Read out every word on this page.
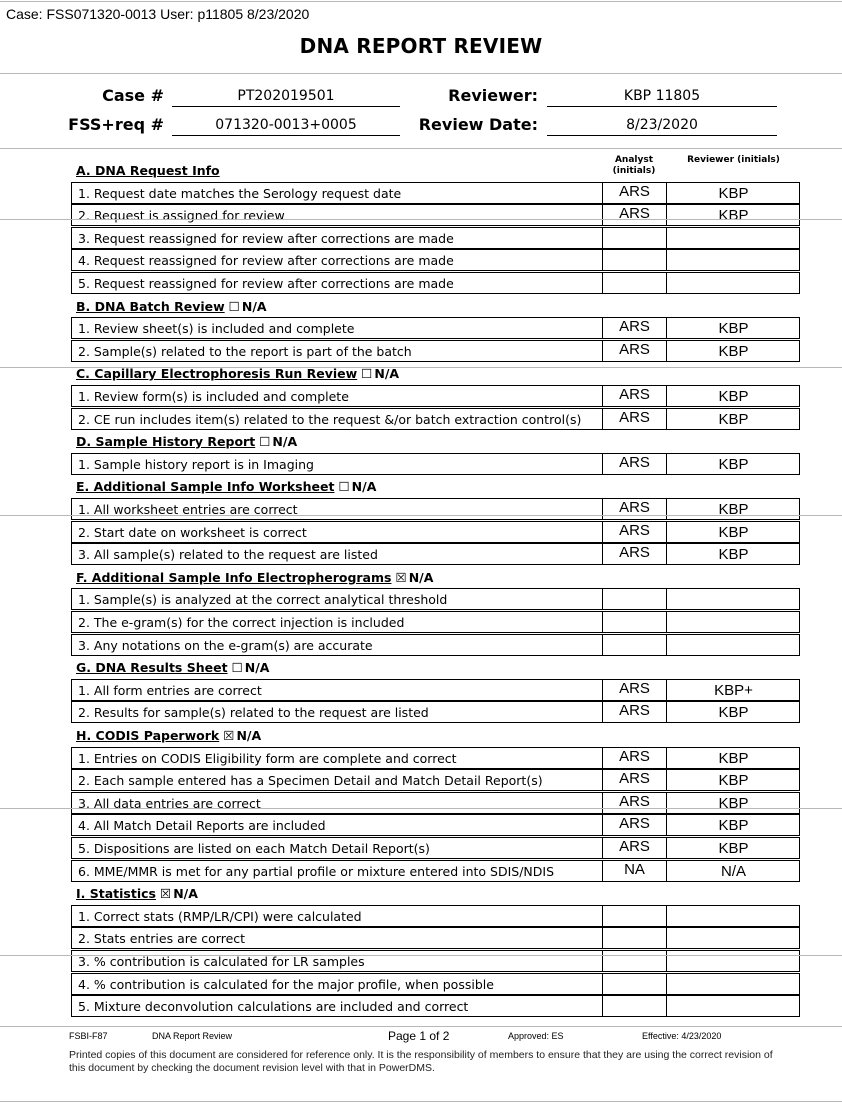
Case: FSS071320-0013 User: p11805 8/23/2020
DNA REPORT REVIEW
Case #	PT202019501	Reviewer:	KBP 11805
FSS+req #	071320-0013+0005	Review Date:	8/23/2020
Analyst (initials)
Reviewer (initials)
A. DNA Request Info
1. Request date matches the Serology request date	ARS	KBP
2. Request is assigned for review	ARS	KBP
3. Request reassigned for review after corrections are made
4. Request reassigned for review after corrections are made
5. Request reassigned for review after corrections are made
B. DNA Batch Review ☐ N/A
1. Review sheet(s) is included and complete	ARS	KBP
2. Sample(s) related to the report is part of the batch	ARS	KBP
C. Capillary Electrophoresis Run Review ☐ N/A
1. Review form(s) is included and complete	ARS	KBP
2. CE run includes item(s) related to the request &/or batch extraction control(s)	ARS	KBP
D. Sample History Report ☐ N/A
1. Sample history report is in Imaging	ARS	KBP
E. Additional Sample Info Worksheet ☐ N/A
1. All worksheet entries are correct	ARS	KBP
2. Start date on worksheet is correct	ARS	KBP
3. All sample(s) related to the request are listed	ARS	KBP
F. Additional Sample Info Electropherograms ☒ N/A
1. Sample(s) is analyzed at the correct analytical threshold
2. The e-gram(s) for the correct injection is included
3. Any notations on the e-gram(s) are accurate
G. DNA Results Sheet ☐ N/A
1. All form entries are correct	ARS	KBP+
2. Results for sample(s) related to the request are listed	ARS	KBP
H. CODIS Paperwork ☒ N/A
1. Entries on CODIS Eligibility form are complete and correct	ARS	KBP
2. Each sample entered has a Specimen Detail and Match Detail Report(s)	ARS	KBP
3. All data entries are correct	ARS	KBP
4. All Match Detail Reports are included	ARS	KBP
5. Dispositions are listed on each Match Detail Report(s)	ARS	KBP
6. MME/MMR is met for any partial profile or mixture entered into SDIS/NDIS	NA	N/A
I. Statistics ☒ N/A
1. Correct stats (RMP/LR/CPI) were calculated
2. Stats entries are correct
3. % contribution is calculated for LR samples
4. % contribution is calculated for the major profile, when possible
5. Mixture deconvolution calculations are included and correct
FSBI-F87	DNA Report Review	Page 1 of 2	Approved: ES	Effective: 4/23/2020
Printed copies of this document are considered for reference only. It is the responsibility of members to ensure that they are using the correct revision of this document by checking the document revision level with that in PowerDMS.
